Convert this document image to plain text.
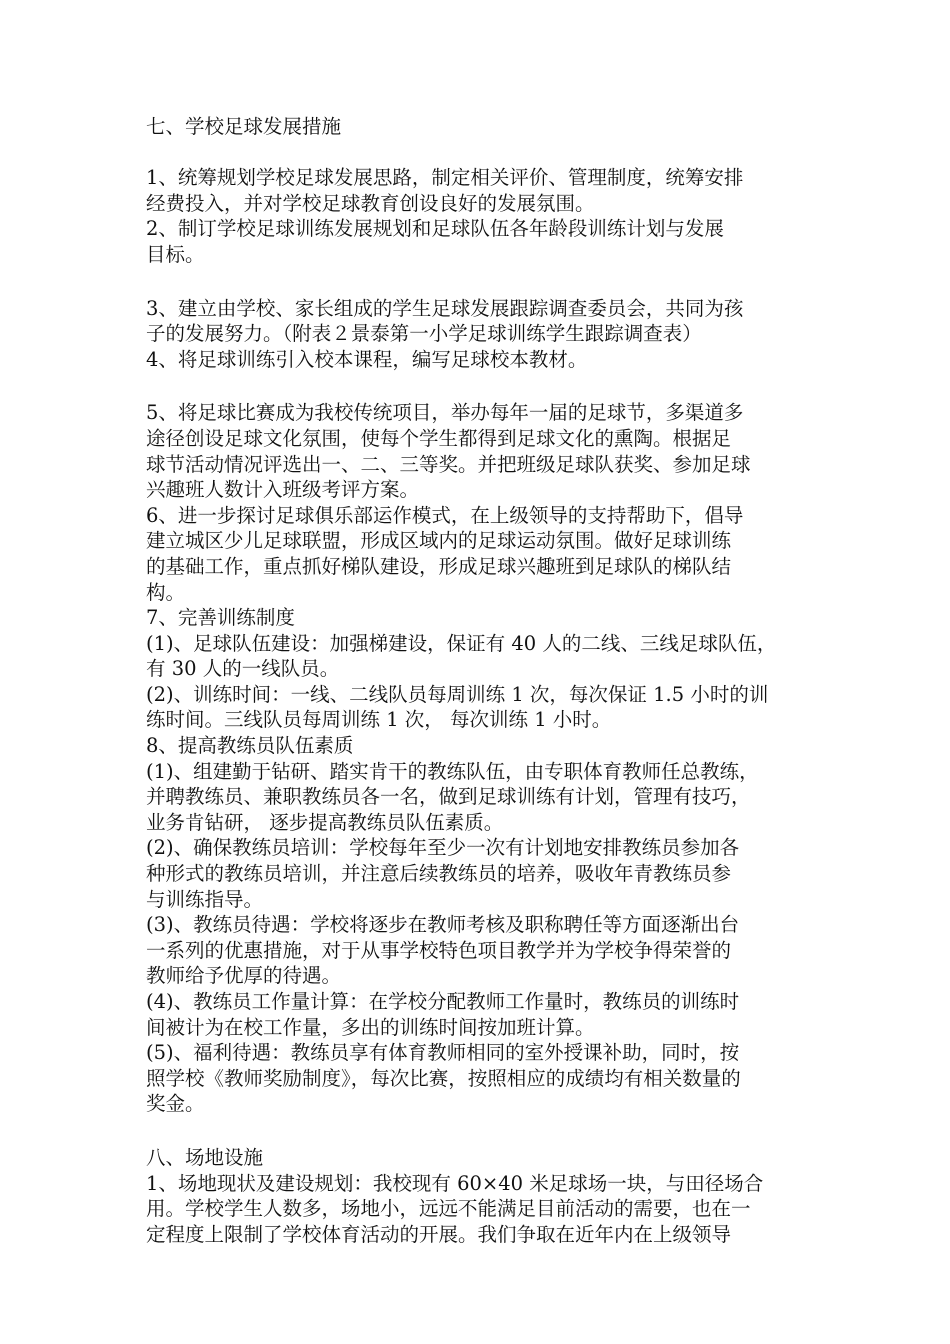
七、学校足球发展措施
1、统筹规划学校足球发展思路，制定相关评价、管理制度，统筹安排
经费投入，并对学校足球教育创设良好的发展氛围。
2、制订学校足球训练发展规划和足球队伍各年龄段训练计划与发展
目标。
3、建立由学校、家长组成的学生足球发展跟踪调查委员会，共同为孩
子的发展努力。（附表２景泰第一小学足球训练学生跟踪调查表）
4、将足球训练引入校本课程，编写足球校本教材。
5、将足球比赛成为我校传统项目，举办每年一届的足球节，多渠道多
途径创设足球文化氛围，使每个学生都得到足球文化的熏陶。根据足
球节活动情况评选出一、二、三等奖。并把班级足球队获奖、参加足球
兴趣班人数计入班级考评方案。
6、进一步探讨足球俱乐部运作模式，在上级领导的支持帮助下，倡导
建立城区少儿足球联盟，形成区域内的足球运动氛围。做好足球训练
的基础工作，重点抓好梯队建设，形成足球兴趣班到足球队的梯队结
构。
7、完善训练制度
(1)、足球队伍建设：加强梯建设，保证有 40 人的二线、三线足球队伍，
有 30 人的一线队员。
(2)、训练时间：一线、二线队员每周训练 1 次，每次保证 1.5 小时的训
练时间。三线队员每周训练 1 次， 每次训练 1 小时。
8、提高教练员队伍素质
(1)、组建勤于钻研、踏实肯干的教练队伍，由专职体育教师任总教练，
并聘教练员、兼职教练员各一名，做到足球训练有计划，管理有技巧，
业务肯钻研， 逐步提高教练员队伍素质。
(2)、确保教练员培训：学校每年至少一次有计划地安排教练员参加各
种形式的教练员培训，并注意后续教练员的培养，吸收年青教练员参
与训练指导。
(3)、教练员待遇：学校将逐步在教师考核及职称聘任等方面逐渐出台
一系列的优惠措施，对于从事学校特色项目教学并为学校争得荣誉的
教师给予优厚的待遇。
(4)、教练员工作量计算：在学校分配教师工作量时，教练员的训练时
间被计为在校工作量，多出的训练时间按加班计算。
(5)、福利待遇：教练员享有体育教师相同的室外授课补助，同时，按
照学校《教师奖励制度》，每次比赛，按照相应的成绩均有相关数量的
奖金。
八、场地设施
1、场地现状及建设规划：我校现有 60×40 米足球场一块，与田径场合
用。学校学生人数多，场地小，远远不能满足目前活动的需要，也在一
定程度上限制了学校体育活动的开展。我们争取在近年内在上级领导
